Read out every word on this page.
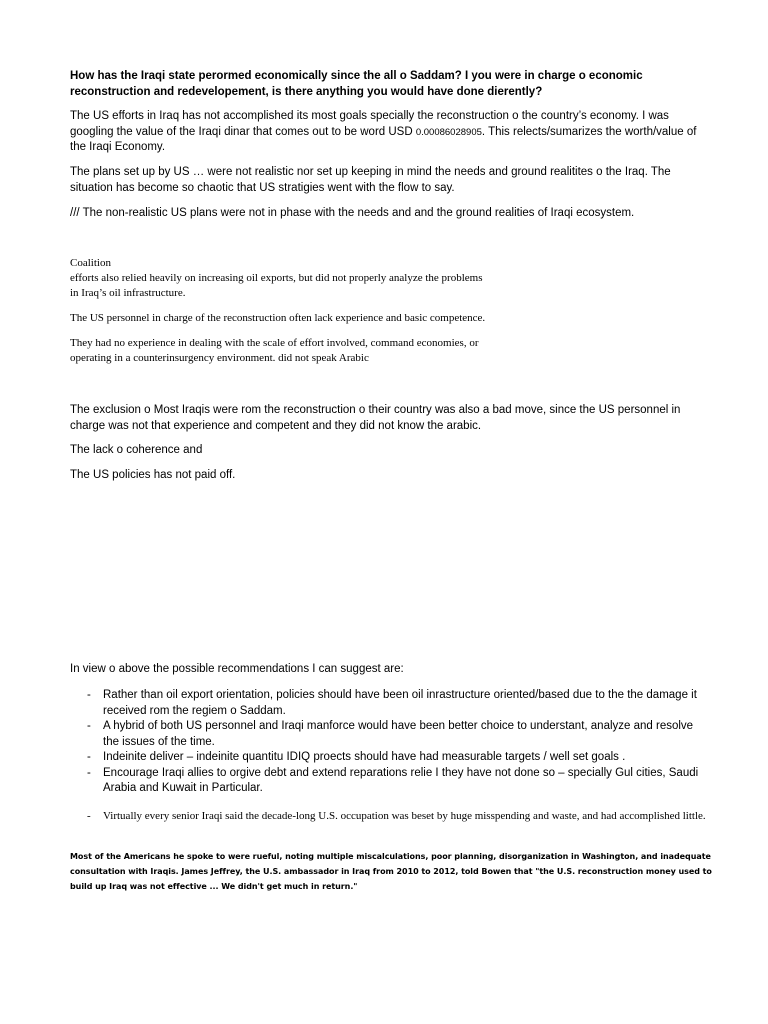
How has the Iraqi state perormed economically since the all o Saddam? I you were in charge o economic reconstruction and redevelopement, is there anything you would have done dierently?

The US efforts in Iraq has not accomplished its most goals specially the reconstruction o the country’s economy. I was googling the value of the Iraqi dinar that comes out to be word USD 0.00086028905. This relects/sumarizes the worth/value of the Iraqi Economy.

The plans set up by US … were not realistic nor set up keeping in mind the needs and ground realitites o the Iraq. The situation has become so chaotic that US stratigies went with the flow to say.

/// The non-realistic US plans were not in phase with the needs and and the ground realities of Iraqi ecosystem.

Coalition
efforts also relied heavily on increasing oil exports, but did not properly analyze the problems
in Iraq’s oil infrastructure.

The US personnel in charge of the reconstruction often lack experience and basic competence.

They had no experience in dealing with the scale of effort involved, command economies, or
operating in a counterinsurgency environment. did not speak Arabic

The exclusion o Most Iraqis were rom the reconstruction o their country was also a bad move, since the US personnel in charge was not that experience and competent and they did not know the arabic.

The lack o coherence and

The US policies has not paid off.

In view o above the possible recommendations I can suggest are:

- Rather than oil export orientation, policies should have been oil inrastructure oriented/based due to the the damage it received rom the regiem o Saddam.
- A hybrid of both US personnel and Iraqi manforce would have been better choice to understant, analyze and resolve the issues of the time.
- Indeinite deliver – indeinite quantitu IDIQ proects should have had measurable targets / well set goals .
- Encourage Iraqi allies to orgive debt and extend reparations relie I they have not done so – specially Gul cities, Saudi Arabia and Kuwait in Particular.
- Virtually every senior Iraqi said the decade-long U.S. occupation was beset by huge misspending and waste, and had accomplished little.

Most of the Americans he spoke to were rueful, noting multiple miscalculations, poor planning, disorganization in Washington, and inadequate consultation with Iraqis. James Jeffrey, the U.S. ambassador in Iraq from 2010 to 2012, told Bowen that "the U.S. reconstruction money used to build up Iraq was not effective ... We didn't get much in return."
